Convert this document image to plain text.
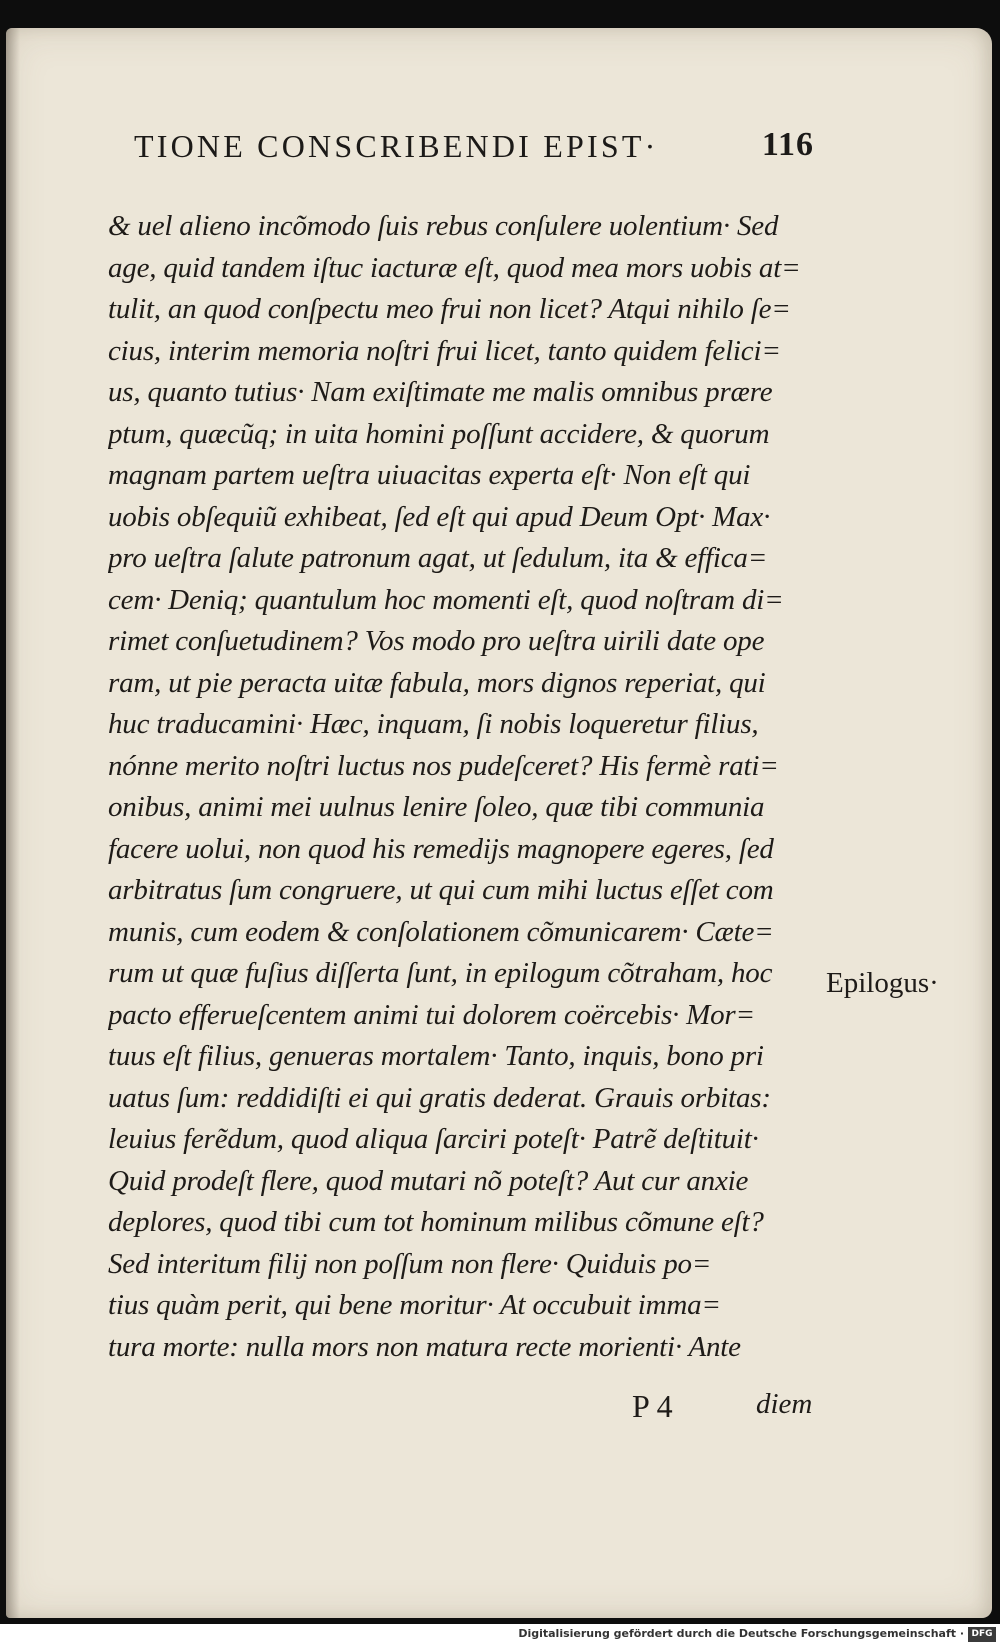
TIONE CONSCRIBENDI EPIST·	116
& uel alieno incõmodo ſuis rebus conſulere uolentium· Sed
age, quid tandem iſtuc iacturæ eſt, quod mea mors uobis at=
tulit, an quod conſpectu meo frui non licet? Atqui nihilo ſe=
cius, interim memoria noſtri frui licet, tanto quidem felici=
us, quanto tutius· Nam exiſtimate me malis omnibus prære
ptum, quæcũq; in uita homini poſſunt accidere, & quorum
magnam partem ueſtra uiuacitas experta eſt· Non eſt qui
uobis obſequiũ exhibeat, ſed eſt qui apud Deum Opt· Max·
pro ueſtra ſalute patronum agat, ut ſedulum, ita & effica=
cem· Deniq; quantulum hoc momenti eſt, quod noſtram di=
rimet conſuetudinem? Vos modo pro ueſtra uirili date ope
ram, ut pie peracta uitæ fabula, mors dignos reperiat, qui
huc traducamini· Hæc, inquam, ſi nobis loqueretur filius,
nónne merito noſtri luctus nos pudeſceret? His fermè rati=
onibus, animi mei uulnus lenire ſoleo, quæ tibi communia
facere uolui, non quod his remedijs magnopere egeres, ſed
arbitratus ſum congruere, ut qui cum mihi luctus eſſet com
munis, cum eodem & conſolationem cõmunicarem· Cæte=
rum ut quæ fuſius diſſerta ſunt, in epilogum cõtraham, hoc
pacto efferueſcentem animi tui dolorem coërcebis· Mor=
tuus eſt filius, genueras mortalem· Tanto, inquis, bono pri
uatus ſum: reddidiſti ei qui gratis dederat. Grauis orbitas:
leuius ferẽdum, quod aliqua ſarciri poteſt· Patrẽ deſtituit·
Quid prodeſt flere, quod mutari nõ poteſt? Aut cur anxie
deplores, quod tibi cum tot hominum milibus cõmune eſt?
Sed interitum filij non poſſum non flere· Quiduis po=
tius quàm perit, qui bene moritur· At occubuit imma=
tura morte: nulla mors non matura recte morienti· Ante
Epilogus·
P 4	diem
Digitalisierung gefördert durch die Deutsche Forschungsgemeinschaft · DFG
